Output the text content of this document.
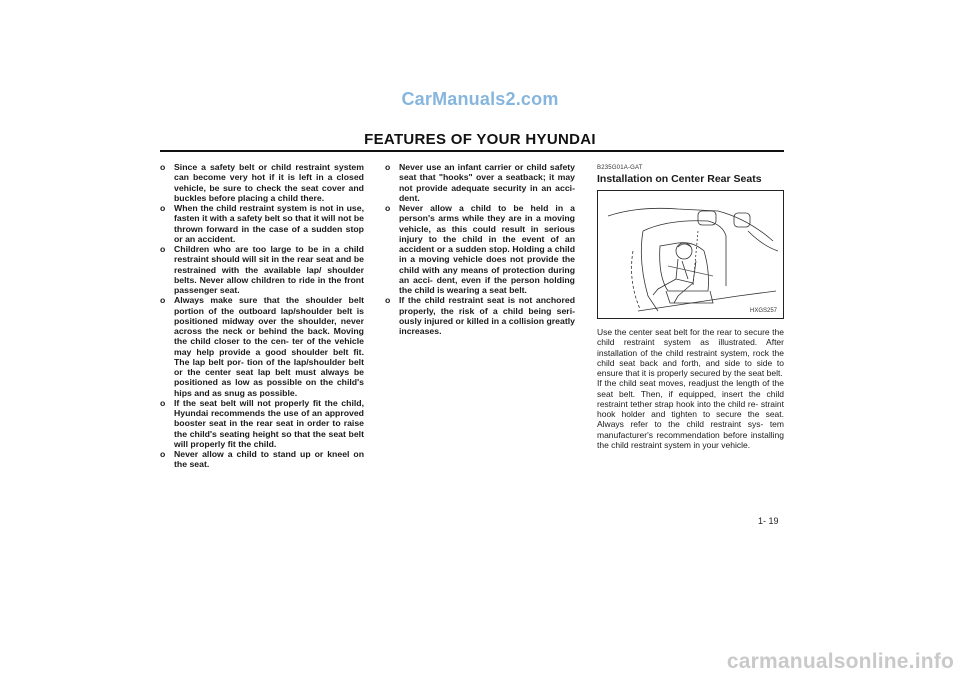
CarManuals2.com
FEATURES OF YOUR HYUNDAI
o Since a safety belt or child restraint system can become very hot if it is left in a closed vehicle, be sure to check the seat cover and buckles before placing a child there.
o When the child restraint system is not in use, fasten it with a safety belt so that it will not be thrown forward in the case of a sudden stop or an accident.
o Children who are too large to be in a child restraint should will sit in the rear seat and be restrained with the available lap/ shoulder belts. Never allow children to ride in the front passenger seat.
o Always make sure that the shoulder belt portion of the outboard lap/shoulder belt is positioned midway over the shoulder, never across the neck or behind the back. Moving the child closer to the cen- ter of the vehicle may help provide a good shoulder belt fit. The lap belt por- tion of the lap/shoulder belt or the center seat lap belt must always be positioned as low as possible on the child's hips and as snug as possible.
o If the seat belt will not properly fit the child, Hyundai recommends the use of an approved booster seat in the rear seat in order to raise the child's seating height so that the seat belt will properly fit the child.
o Never allow a child to stand up or kneel on the seat.
o Never use an infant carrier or child safety seat that "hooks" over a seatback; it may not provide adequate security in an acci- dent.
o Never allow a child to be held in a person's arms while they are in a moving vehicle, as this could result in serious injury to the child in the event of an accident or a sudden stop. Holding a child in a moving vehicle does not provide the child with any means of protection during an acci- dent, even if the person holding the child is wearing a seat belt.
o If the child restraint seat is not anchored properly, the risk of a child being seri- ously injured or killed in a collision greatly increases.
B235G01A-GAT
Installation on Center Rear Seats
HXGS257

Use the center seat belt for the rear to secure the child restraint system as illustrated. After installation of the child restraint system, rock the child seat back and forth, and side to side to ensure that it is properly secured by the seat belt.

If the child seat moves, readjust the length of the seat belt. Then, if equipped, insert the child restraint tether strap hook into the child re- straint hook holder and tighten to secure the seat. Always refer to the child restraint sys- tem manufacturer's recommendation before installing the child restraint system in your vehicle.

1- 19
carmanualsonline.info
